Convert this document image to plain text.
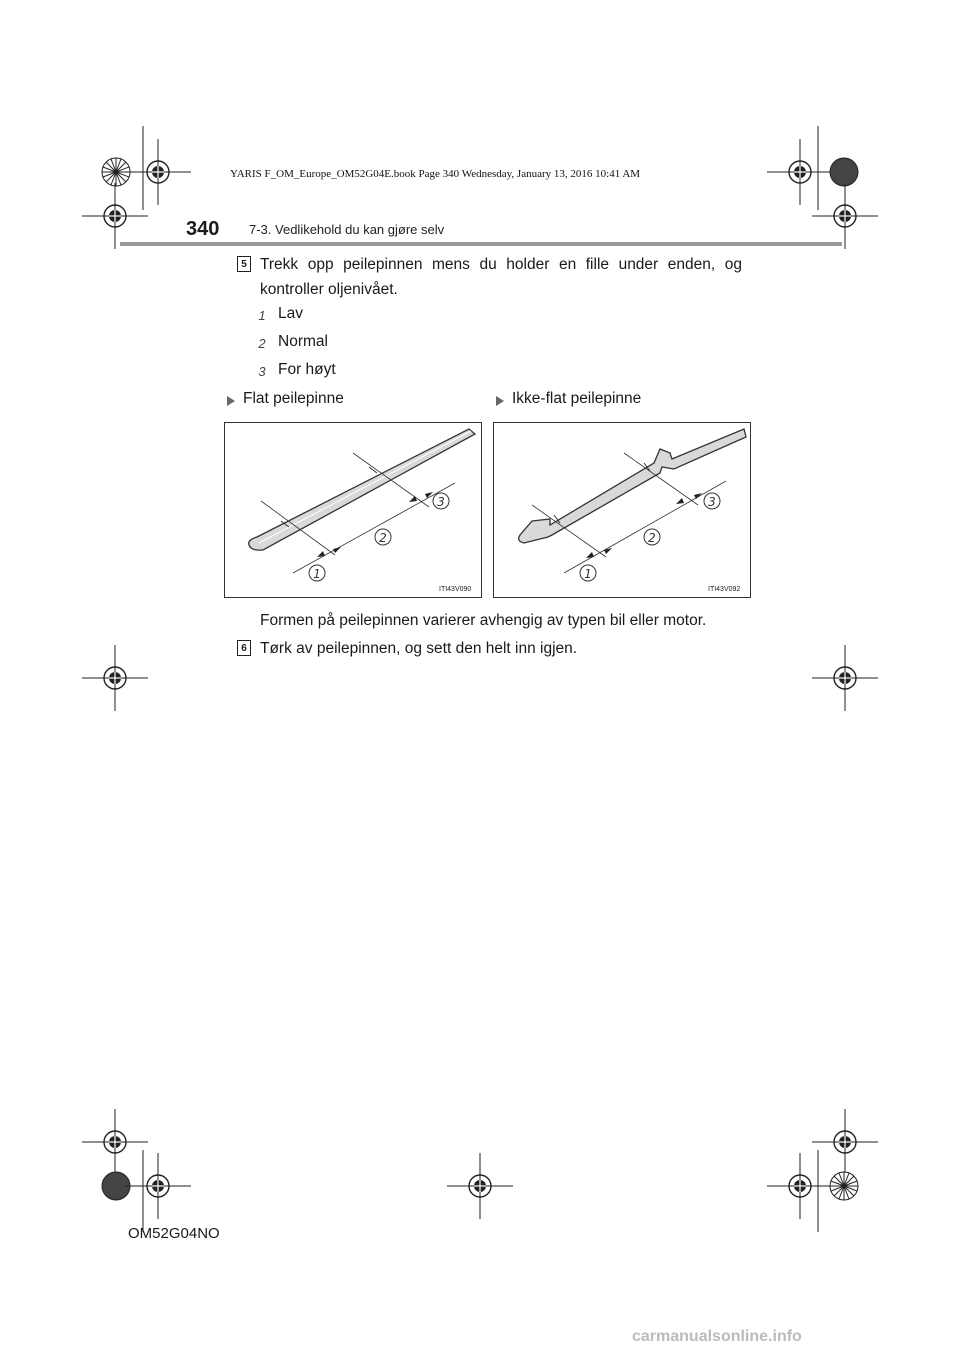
YARIS F_OM_Europe_OM52G04E.book Page 340 Wednesday, January 13, 2016 10:41 AM
340 7-3. Vedlikehold du kan gjøre selv
5 Trekk opp peilepinnen mens du holder en fille under enden, og kontroller oljenivået.
1 Lav
2 Normal
3 For høyt
Flat peilepinne	Ikke-flat peilepinne
1
2
3
ITI43V090
1
2
3
ITI43V092
Formen på peilepinnen varierer avhengig av typen bil eller motor.
6 Tørk av peilepinnen, og sett den helt inn igjen.
OM52G04NO
carmanualsonline.info
